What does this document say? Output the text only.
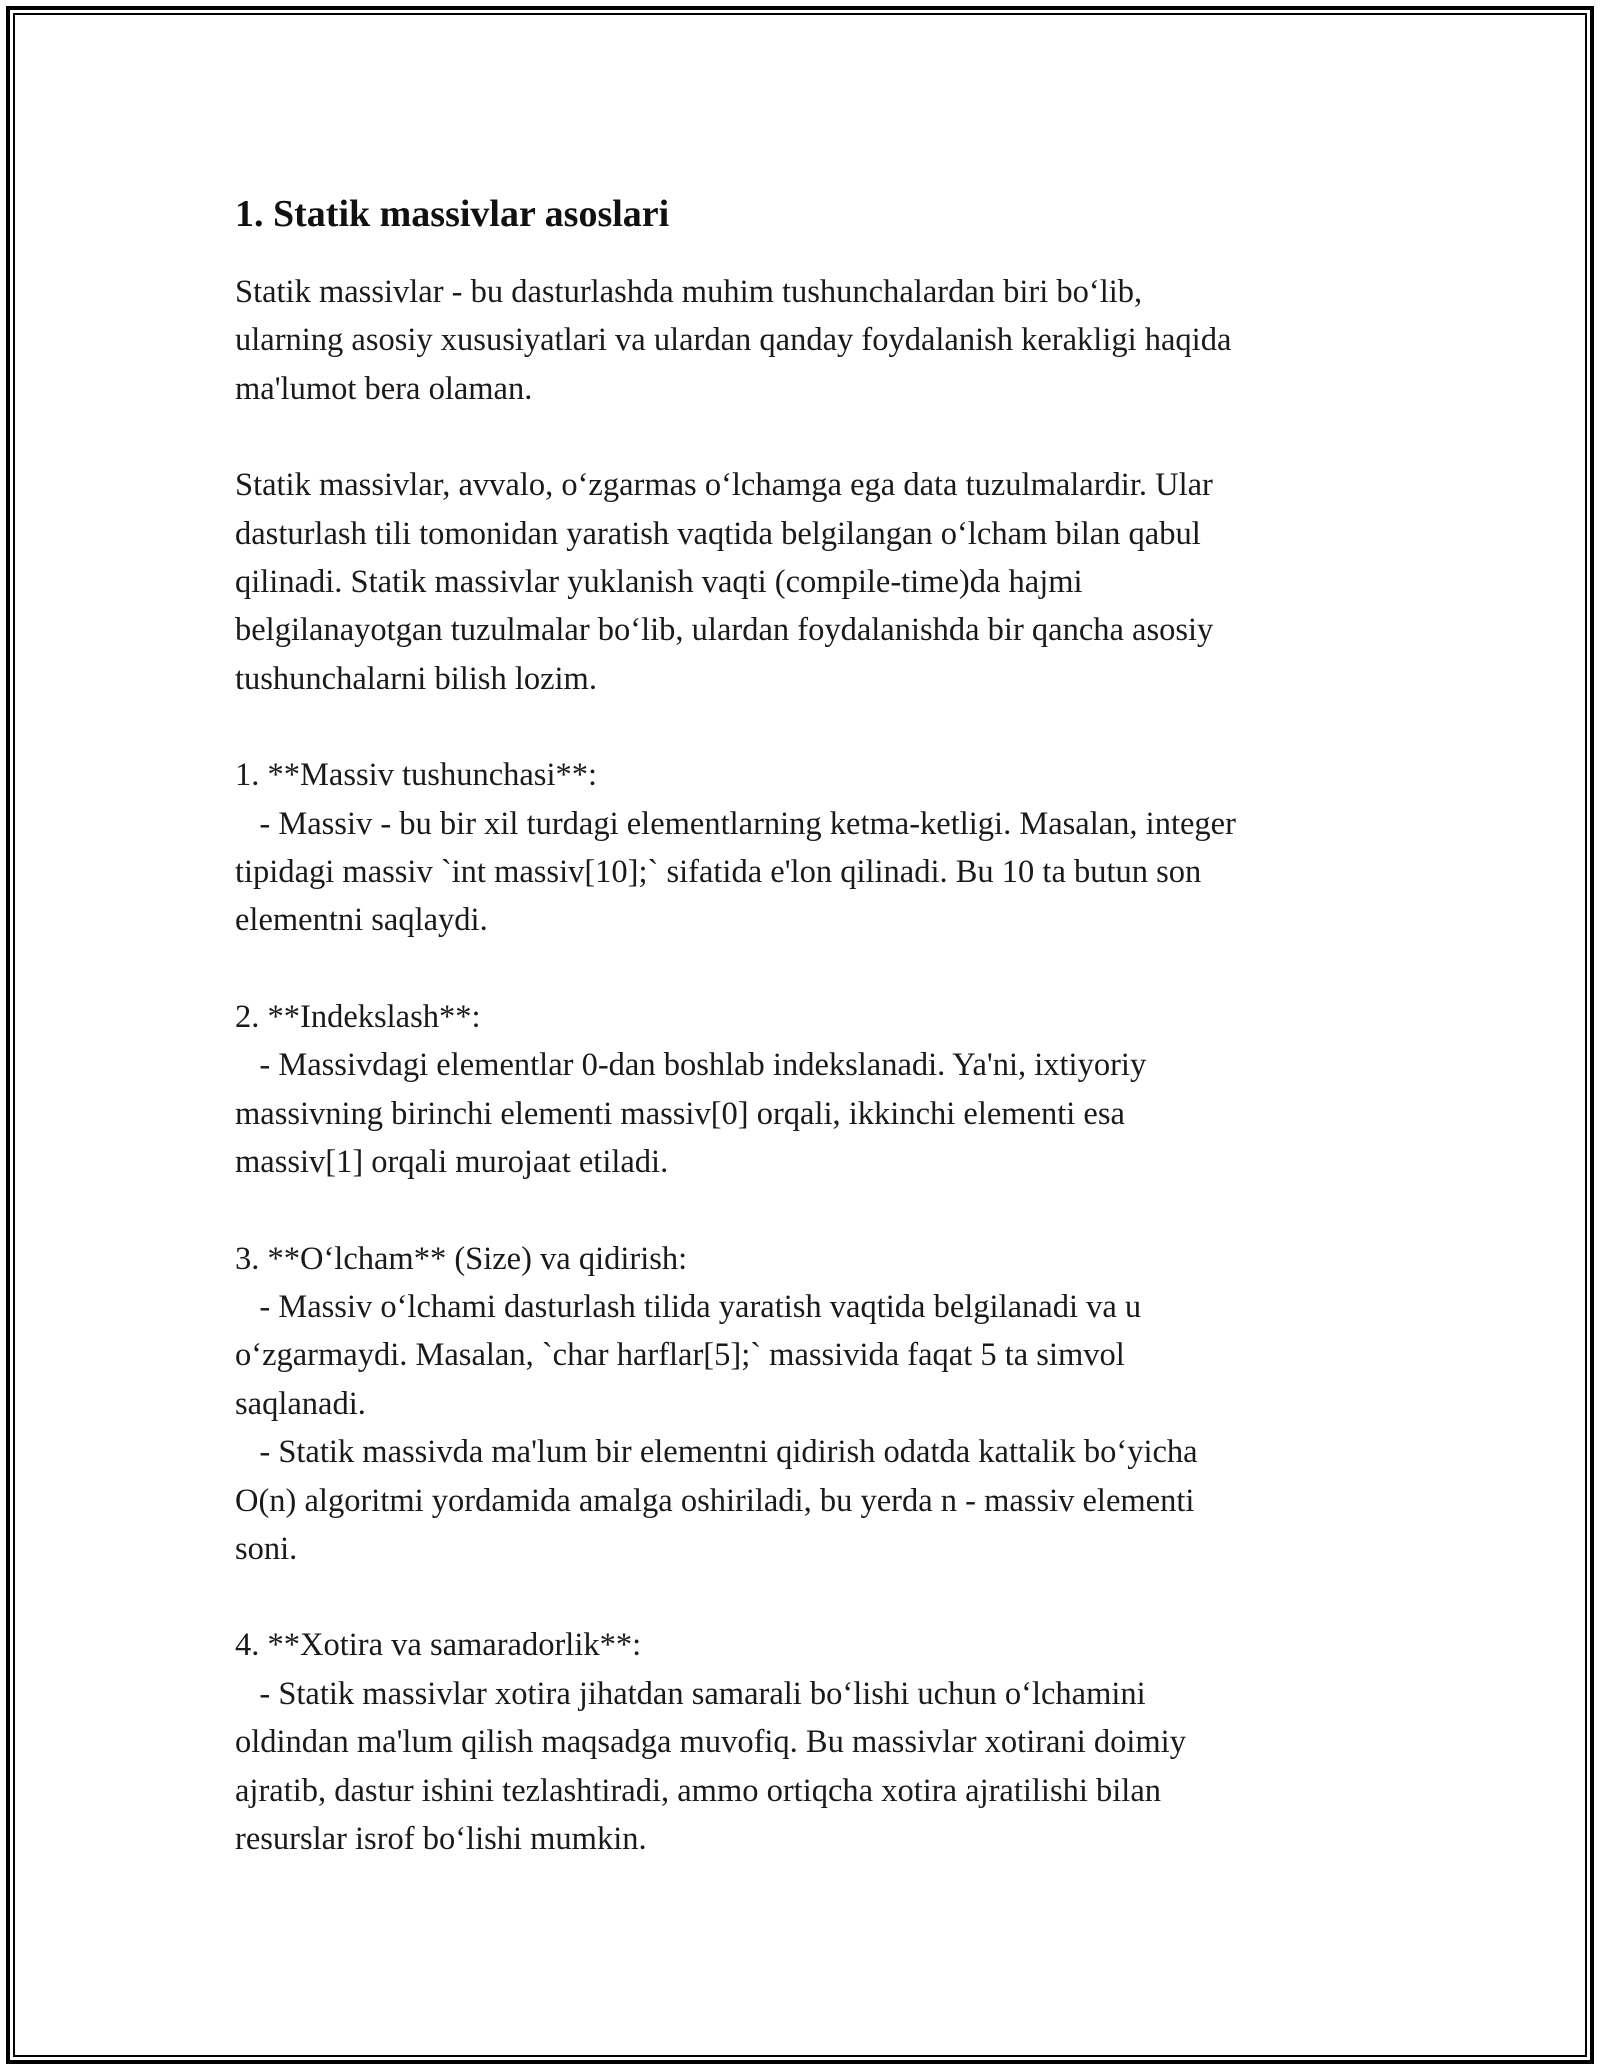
1. Statik massivlar asoslari

Statik massivlar - bu dasturlashda muhim tushunchalardan biri bo‘lib,
ularning asosiy xususiyatlari va ulardan qanday foydalanish kerakligi haqida
ma'lumot bera olaman.

Statik massivlar, avvalo, o‘zgarmas o‘lchamga ega data tuzulmalardir. Ular
dasturlash tili tomonidan yaratish vaqtida belgilangan o‘lcham bilan qabul
qilinadi. Statik massivlar yuklanish vaqti (compile-time)da hajmi
belgilanayotgan tuzulmalar bo‘lib, ulardan foydalanishda bir qancha asosiy
tushunchalarni bilish lozim.

1. **Massiv tushunchasi**:
- Massiv - bu bir xil turdagi elementlarning ketma-ketligi. Masalan, integer
tipidagi massiv `int massiv[10];` sifatida e'lon qilinadi. Bu 10 ta butun son
elementni saqlaydi.

2. **Indekslash**:
- Massivdagi elementlar 0-dan boshlab indekslanadi. Ya'ni, ixtiyoriy
massivning birinchi elementi massiv[0] orqali, ikkinchi elementi esa
massiv[1] orqali murojaat etiladi.

3. **O‘lcham** (Size) va qidirish:
- Massiv o‘lchami dasturlash tilida yaratish vaqtida belgilanadi va u
o‘zgarmaydi. Masalan, `char harflar[5];` massivida faqat 5 ta simvol
saqlanadi.
- Statik massivda ma'lum bir elementni qidirish odatda kattalik bo‘yicha
O(n) algoritmi yordamida amalga oshiriladi, bu yerda n - massiv elementi
soni.

4. **Xotira va samaradorlik**:
- Statik massivlar xotira jihatdan samarali bo‘lishi uchun o‘lchamini
oldindan ma'lum qilish maqsadga muvofiq. Bu massivlar xotirani doimiy
ajratib, dastur ishini tezlashtiradi, ammo ortiqcha xotira ajratilishi bilan
resurslar isrof bo‘lishi mumkin.
